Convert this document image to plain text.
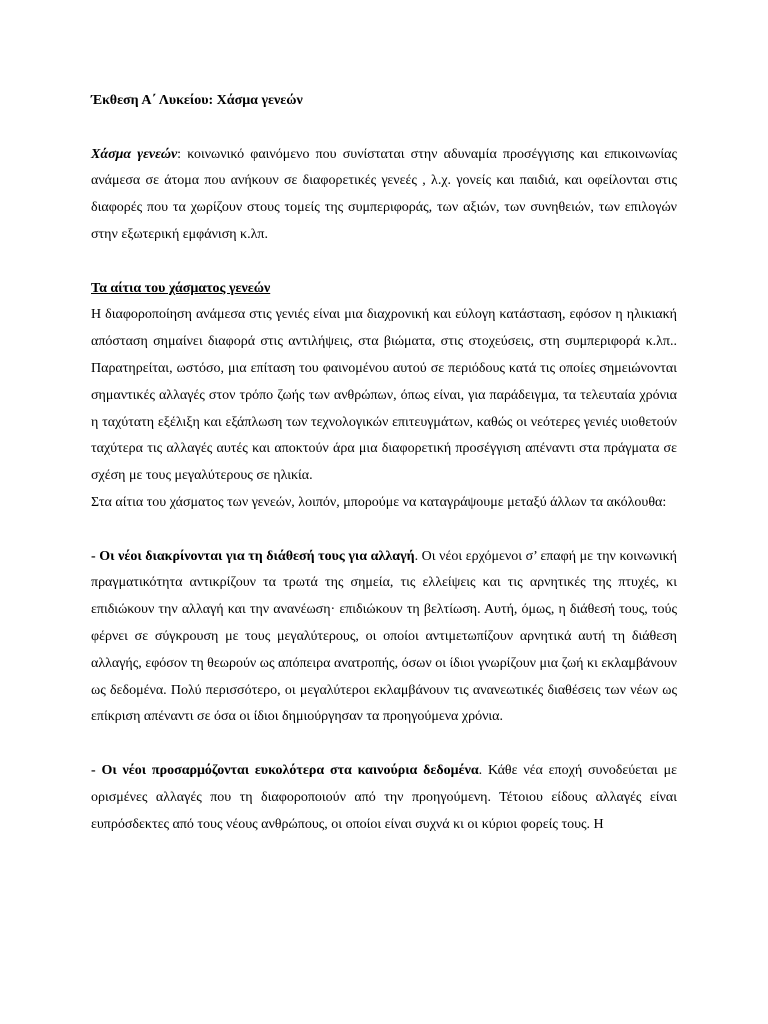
Έκθεση Α΄ Λυκείου: Χάσμα γενεών

Χάσμα γενεών: κοινωνικό φαινόμενο που συνίσταται στην αδυναμία προσέγγισης και επικοινωνίας ανάμεσα σε άτομα που ανήκουν σε διαφορετικές γενεές , λ.χ. γονείς και παιδιά, και οφείλονται στις διαφορές που τα χωρίζουν στους τομείς της συμπεριφοράς, των αξιών, των συνηθειών, των επιλογών στην εξωτερική εμφάνιση κ.λπ.

Τα αίτια του χάσματος γενεών

Η διαφοροποίηση ανάμεσα στις γενιές είναι μια διαχρονική και εύλογη κατάσταση, εφόσον η ηλικιακή απόσταση σημαίνει διαφορά στις αντιλήψεις, στα βιώματα, στις στοχεύσεις, στη συμπεριφορά κ.λπ.. Παρατηρείται, ωστόσο, μια επίταση του φαινομένου αυτού σε περιόδους κατά τις οποίες σημειώνονται σημαντικές αλλαγές στον τρόπο ζωής των ανθρώπων, όπως είναι, για παράδειγμα, τα τελευταία χρόνια η ταχύτατη εξέλιξη και εξάπλωση των τεχνολογικών επιτευγμάτων, καθώς οι νεότερες γενιές υιοθετούν ταχύτερα τις αλλαγές αυτές και αποκτούν άρα μια διαφορετική προσέγγιση απέναντι στα πράγματα σε σχέση με τους μεγαλύτερους σε ηλικία.

Στα αίτια του χάσματος των γενεών, λοιπόν, μπορούμε να καταγράψουμε μεταξύ άλλων τα ακόλουθα:

- Οι νέοι διακρίνονται για τη διάθεσή τους για αλλαγή. Οι νέοι ερχόμενοι σ’ επαφή με την κοινωνική πραγματικότητα αντικρίζουν τα τρωτά της σημεία, τις ελλείψεις και τις αρνητικές της πτυχές, κι επιδιώκουν την αλλαγή και την ανανέωση· επιδιώκουν τη βελτίωση. Αυτή, όμως, η διάθεσή τους, τούς φέρνει σε σύγκρουση με τους μεγαλύτερους, οι οποίοι αντιμετωπίζουν αρνητικά αυτή τη διάθεση αλλαγής, εφόσον τη θεωρούν ως απόπειρα ανατροπής, όσων οι ίδιοι γνωρίζουν μια ζωή κι εκλαμβάνουν ως δεδομένα. Πολύ περισσότερο, οι μεγαλύτεροι εκλαμβάνουν τις ανανεωτικές διαθέσεις των νέων ως επίκριση απέναντι σε όσα οι ίδιοι δημιούργησαν τα προηγούμενα χρόνια.

- Οι νέοι προσαρμόζονται ευκολότερα στα καινούρια δεδομένα. Κάθε νέα εποχή συνοδεύεται με ορισμένες αλλαγές που τη διαφοροποιούν από την προηγούμενη. Τέτοιου είδους αλλαγές είναι ευπρόσδεκτες από τους νέους ανθρώπους, οι οποίοι είναι συχνά κι οι κύριοι φορείς τους. Η
